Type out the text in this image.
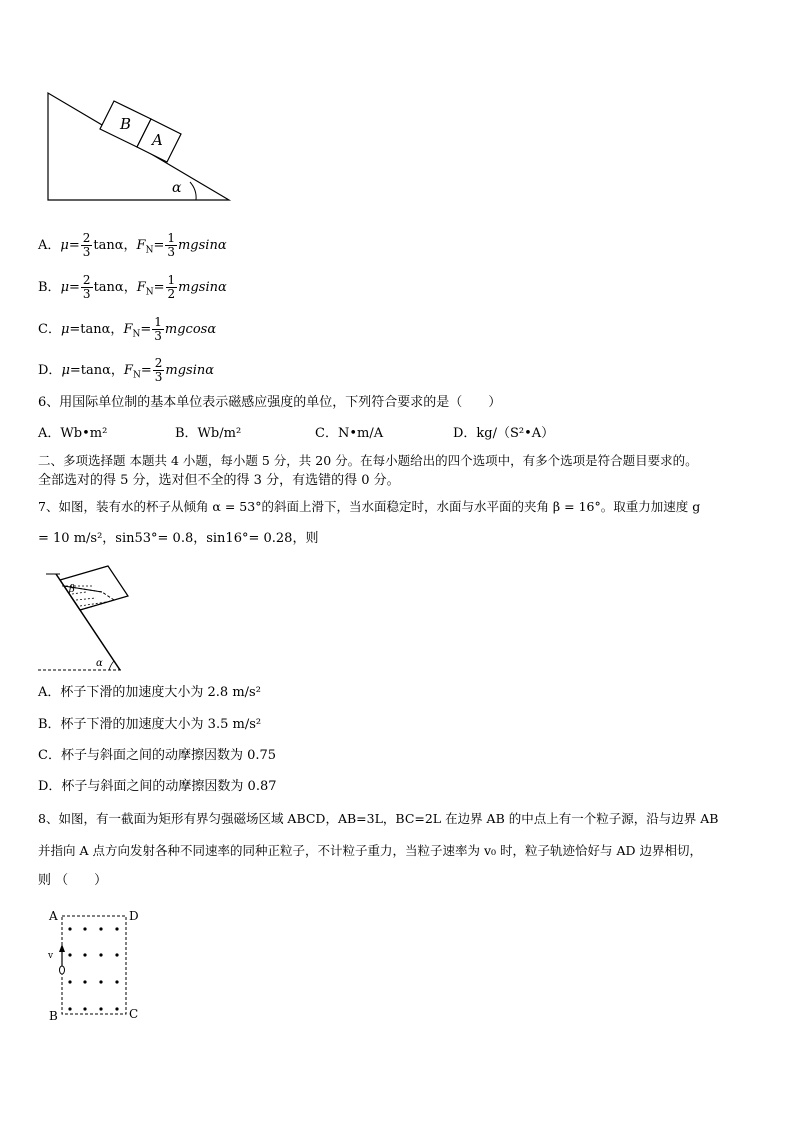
B
A
α
A．$\mu= \frac{2}{3}$ tanα，$F_N= \frac{1}{3}$ mgsinα
B．$\mu= \frac{2}{3}$ tanα，$F_N= \frac{1}{2}$ mgsinα
C．μ=tanα，$F_N= \frac{1}{3}$ mgcosα
D．μ=tanα，$F_N= \frac{2}{3}$ mgsinα
6、用国际单位制的基本单位表示磁感应强度的单位，下列符合要求的是（　　）
A．Wb•m²	B．Wb/m²	C．N•m/A	D．kg/（S²•A）
二、多项选择题 本题共 4 小题，每小题 5 分，共 20 分。在每小题给出的四个选项中，有多个选项是符合题目要求的。
全部选对的得 5 分，选对但不全的得 3 分，有选错的得 0 分。
7、如图，装有水的杯子从倾角 α = 53°的斜面上滑下，当水面稳定时，水面与水平面的夹角 β = 16°。取重力加速度 g
= 10 m/s²，sin53°= 0.8，sin16°= 0.28，则
β
α
A．杯子下滑的加速度大小为 2.8 m/s²
B．杯子下滑的加速度大小为 3.5 m/s²
C．杯子与斜面之间的动摩擦因数为 0.75
D．杯子与斜面之间的动摩擦因数为 0.87
8、如图，有一截面为矩形有界匀强磁场区域 ABCD，AB=3L，BC=2L 在边界 AB 的中点上有一个粒子源，沿与边界 AB
并指向 A 点方向发射各种不同速率的同种正粒子，不计粒子重力，当粒子速率为 v₀ 时，粒子轨迹恰好与 AD 边界相切，
则 （　　）
A	D
B	C
v
